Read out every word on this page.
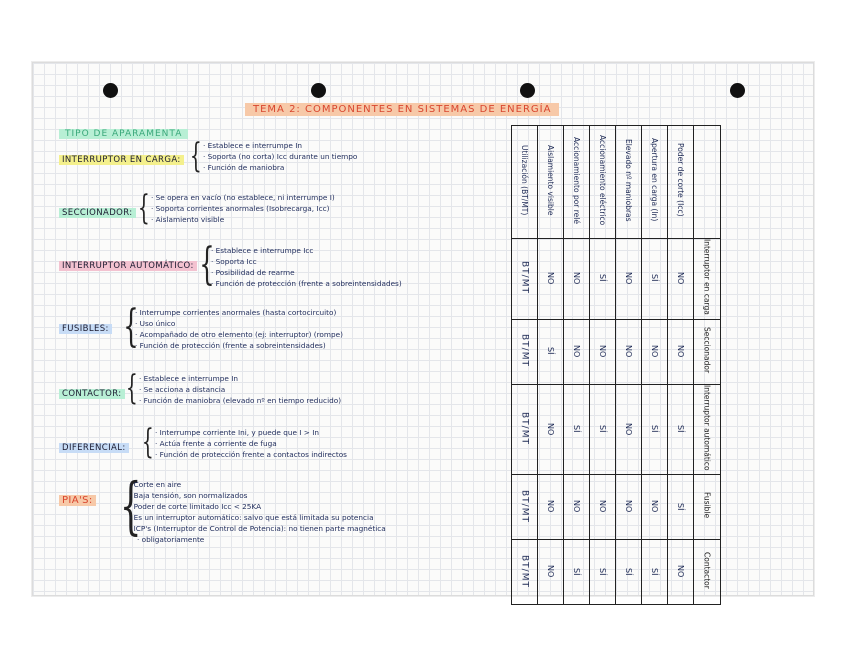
TEMA 2: COMPONENTES EN SISTEMAS DE ENERGÍA
TIPO DE APARAMENTA
INTERRUPTOR EN CARGA: { · Establece e interrumpe In
· Soporta (no corta) Icc durante un tiempo
· Función de maniobra
SECCIONADOR: { · Se opera en vacío (no establece, ni interrumpe I)
· Soporta corrientes anormales (Isobrecarga, Icc)
· Aislamiento visible
INTERRUPTOR AUTOMÁTICO: { · Establece e interrumpe Icc
· Soporta Icc
· Posibilidad de rearme
· Función de protección (frente a sobreintensidades)
FUSIBLES: { · Interrumpe corrientes anormales (hasta cortocircuito)
· Uso único
· Acompañado de otro elemento (ej: interruptor) (rompe)
· Función de protección (frente a sobreintensidades)
CONTACTOR: { · Establece e interrumpe In
· Se acciona a distancia
· Función de maniobra (elevado nº en tiempo reducido)
DIFERENCIAL: { · Interrumpe corriente Ini, y puede que I > In
· Actúa frente a corriente de fuga
· Función de protección frente a contactos indirectos
PIA'S: {
· Corte en aire
· Baja tensión, son normalizados
· Poder de corte limitado Icc < 25KA
· Es un interruptor automático: salvo que está limitada su potencia
· ICP's (Interruptor de Control de Potencia): no tienen parte magnética
· obligatoriamente
Utilización (BT/MT)	Aislamiento visible	Accionamiento por relé	Accionamiento eléctrico	Elevado nº maniobras	Apertura en carga (In)	Poder de corte (Icc)	
BT/MT	NO	NO	SÍ	NO	SÍ	NO	Interruptor en carga
BT/MT	SÍ	NO	NO	NO	NO	NO	Seccionador
BT/MT	NO	SÍ	SÍ	NO	SÍ	SÍ	Interruptor automático
BT/MT	NO	NO	NO	NO	NO	SÍ	Fusible
BT/MT	NO	SÍ	SÍ	SÍ	SÍ	NO	Contactor
